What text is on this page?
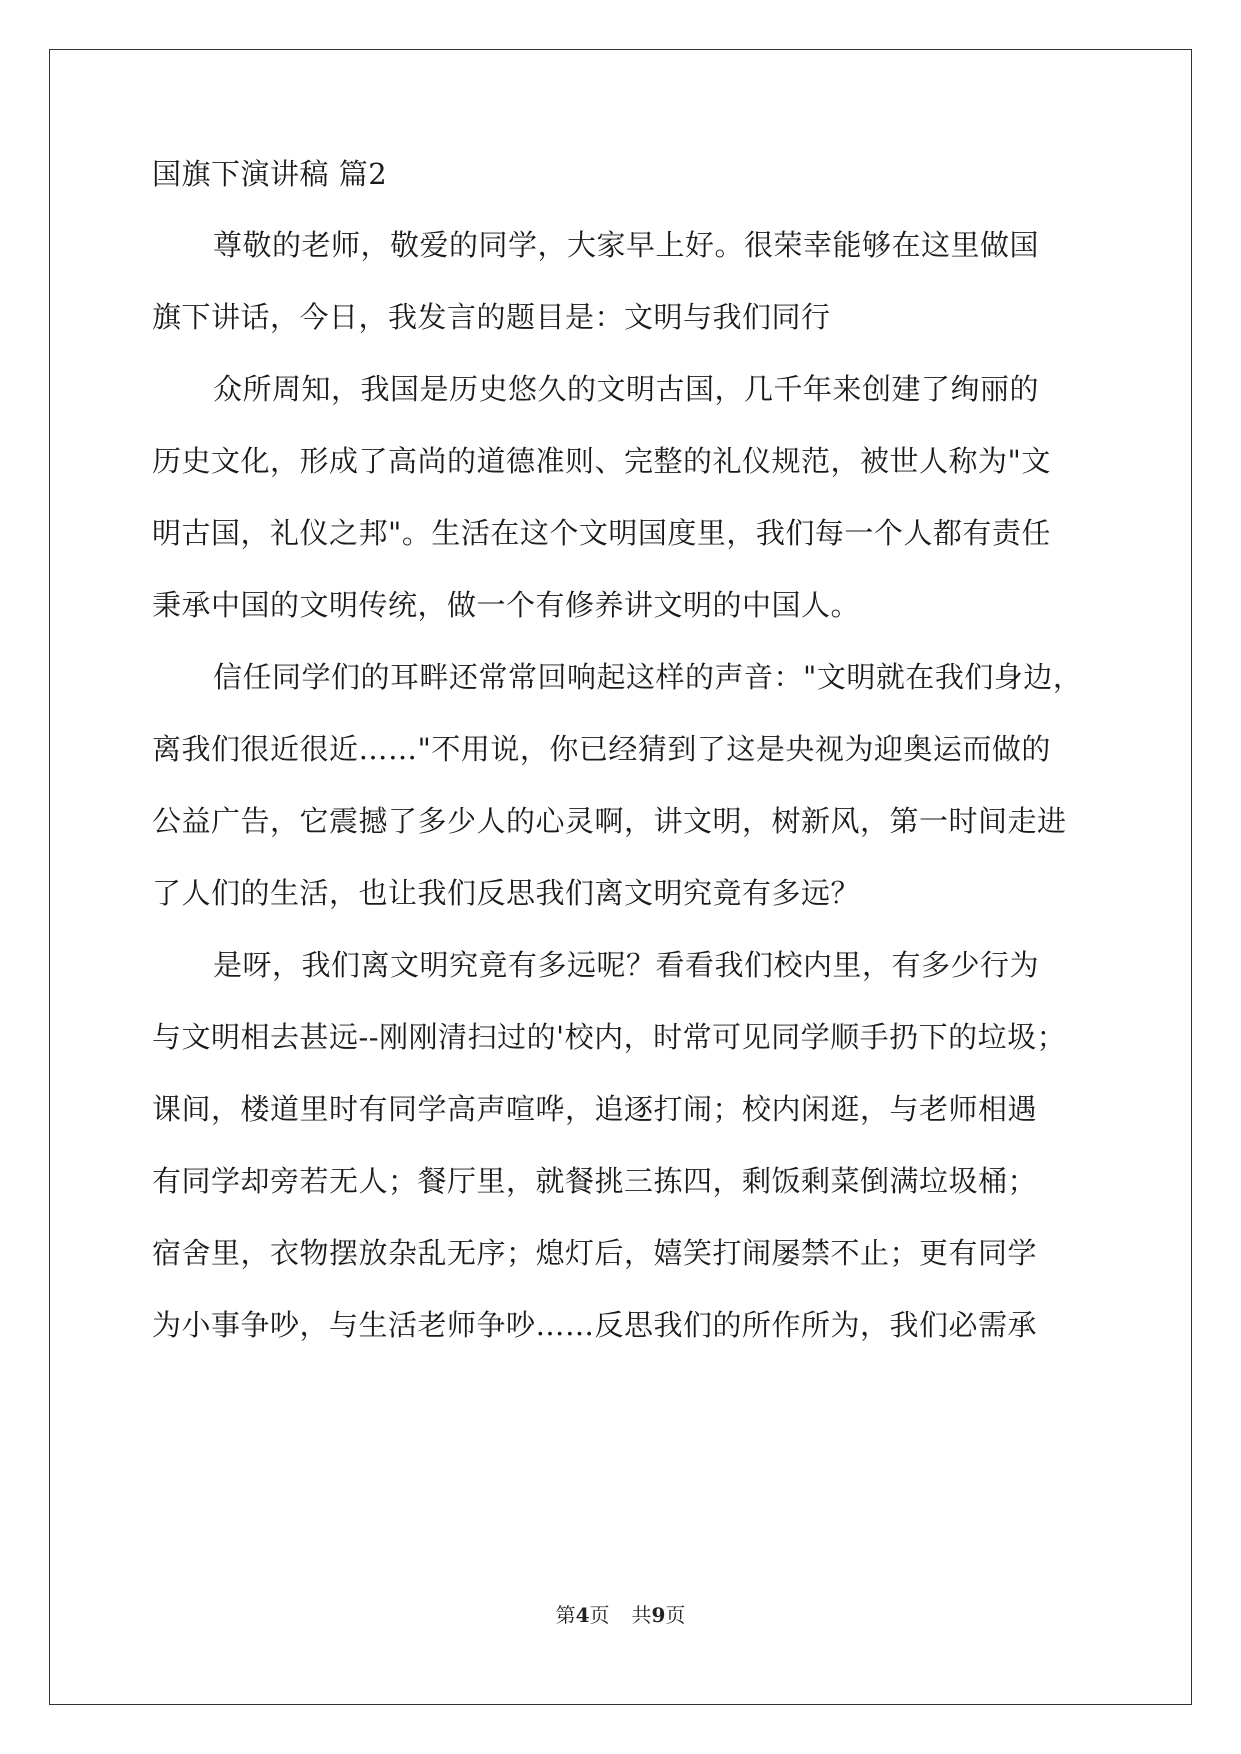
国旗下演讲稿 篇2
尊敬的老师，敬爱的同学，大家早上好。很荣幸能够在这里做国
旗下讲话，今日，我发言的题目是：文明与我们同行
众所周知，我国是历史悠久的文明古国，几千年来创建了绚丽的
历史文化，形成了高尚的道德准则、完整的礼仪规范，被世人称为"文
明古国，礼仪之邦"。生活在这个文明国度里，我们每一个人都有责任
秉承中国的文明传统，做一个有修养讲文明的中国人。
信任同学们的耳畔还常常回响起这样的声音："文明就在我们身边，
离我们很近很近……"不用说，你已经猜到了这是央视为迎奥运而做的
公益广告，它震撼了多少人的心灵啊，讲文明，树新风，第一时间走进
了人们的生活，也让我们反思我们离文明究竟有多远？
是呀，我们离文明究竟有多远呢？看看我们校内里，有多少行为
与文明相去甚远--刚刚清扫过的'校内，时常可见同学顺手扔下的垃圾；
课间，楼道里时有同学高声喧哗，追逐打闹；校内闲逛，与老师相遇
有同学却旁若无人；餐厅里，就餐挑三拣四，剩饭剩菜倒满垃圾桶；
宿舍里，衣物摆放杂乱无序；熄灯后，嬉笑打闹屡禁不止；更有同学
为小事争吵，与生活老师争吵……反思我们的所作所为，我们必需承
第4页 共9页
